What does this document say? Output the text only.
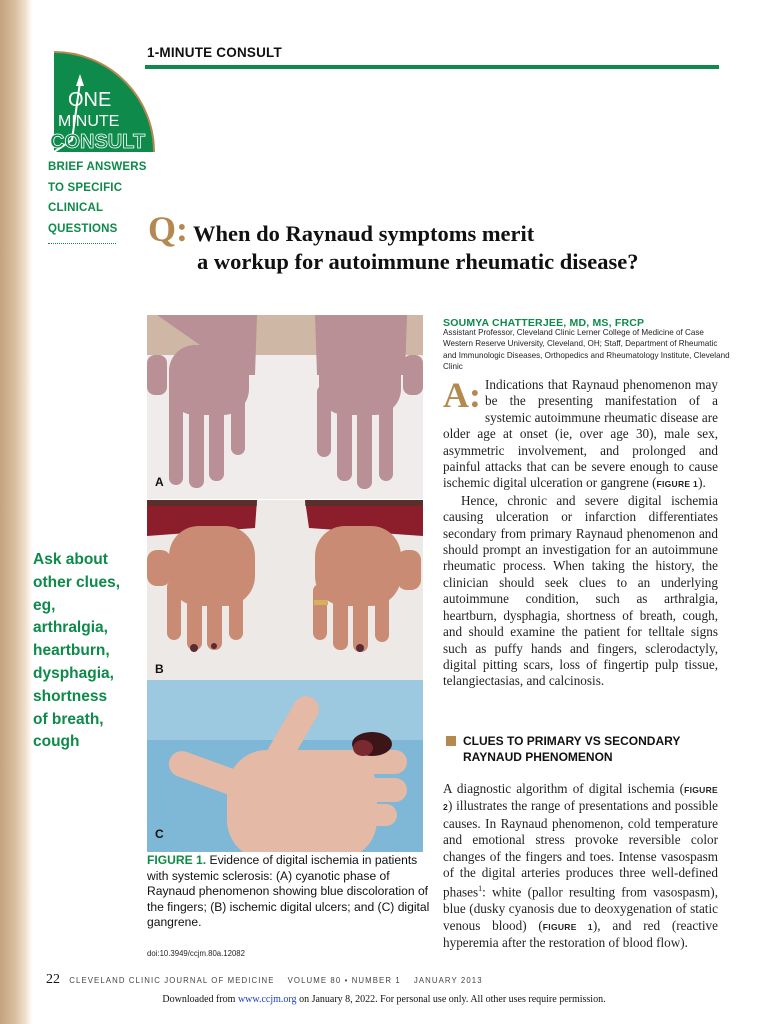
1-MINUTE CONSULT
ONE
MINUTE
CONSULT
BRIEF ANSWERS
TO SPECIFIC
CLINICAL
QUESTIONS Q: When do Raynaud symptoms merit
a workup for autoimmune rheumatic disease?
SOUMYA CHATTERJEE, MD, MS, FRCP
Assistant Professor, Cleveland Clinic Lerner College of Medicine of Case Western Reserve University, Cleveland, OH; Staff, Department of Rheumatic and Immunologic Diseases, Orthopedics and Rheumatology Institute, Cleveland Clinic

A: Indications that Raynaud phenomenon may be the presenting manifestation of a systemic autoimmune rheumatic disease are older age at onset (ie, over age 30), male sex, asymmetric involvement, and prolonged and painful attacks that can be severe enough to cause ischemic digital ulceration or gangrene (FIGURE 1).

Hence, chronic and severe digital ischemia causing ulceration or infarction differentiates secondary from primary Raynaud phenomenon and should prompt an investigation for an autoimmune rheumatic process. When taking the history, the clinician should seek clues to an underlying autoimmune condition, such as arthralgia, heartburn, dysphagia, shortness of breath, cough, and should examine the patient for telltale signs such as puffy hands and fingers, sclerodactyly, digital pitting scars, loss of fingertip pulp tissue, telangiectasias, and calcinosis.

CLUES TO PRIMARY VS SECONDARY
RAYNAUD PHENOMENON

A diagnostic algorithm of digital ischemia (FIGURE 2) illustrates the range of presentations and possible causes. In Raynaud phenomenon, cold temperature and emotional stress provoke reversible color changes of the fingers and toes. Intense vasospasm of the digital arteries produces three well-defined phases$^1$: white (pallor resulting from vasospasm), blue (dusky cyanosis due to deoxygenation of static venous blood) (FIGURE 1), and red (reactive hyperemia after the restoration of blood flow).

Ask about
other clues,
eg, arthralgia,
heartburn,
dysphagia,
shortness
of breath,
cough
A
B
C
FIGURE 1. Evidence of digital ischemia in patients with systemic sclerosis: (A) cyanotic phase of Raynaud phenomenon showing blue discoloration of the fingers; (B) ischemic digital ulcers; and (C) digital gangrene.
doi:10.3949/ccjm.80a.12082
22 CLEVELAND CLINIC JOURNAL OF MEDICINE VOLUME 80 • NUMBER 1 JANUARY 2013
Downloaded from www.ccjm.org on January 8, 2022. For personal use only. All other uses require permission.
